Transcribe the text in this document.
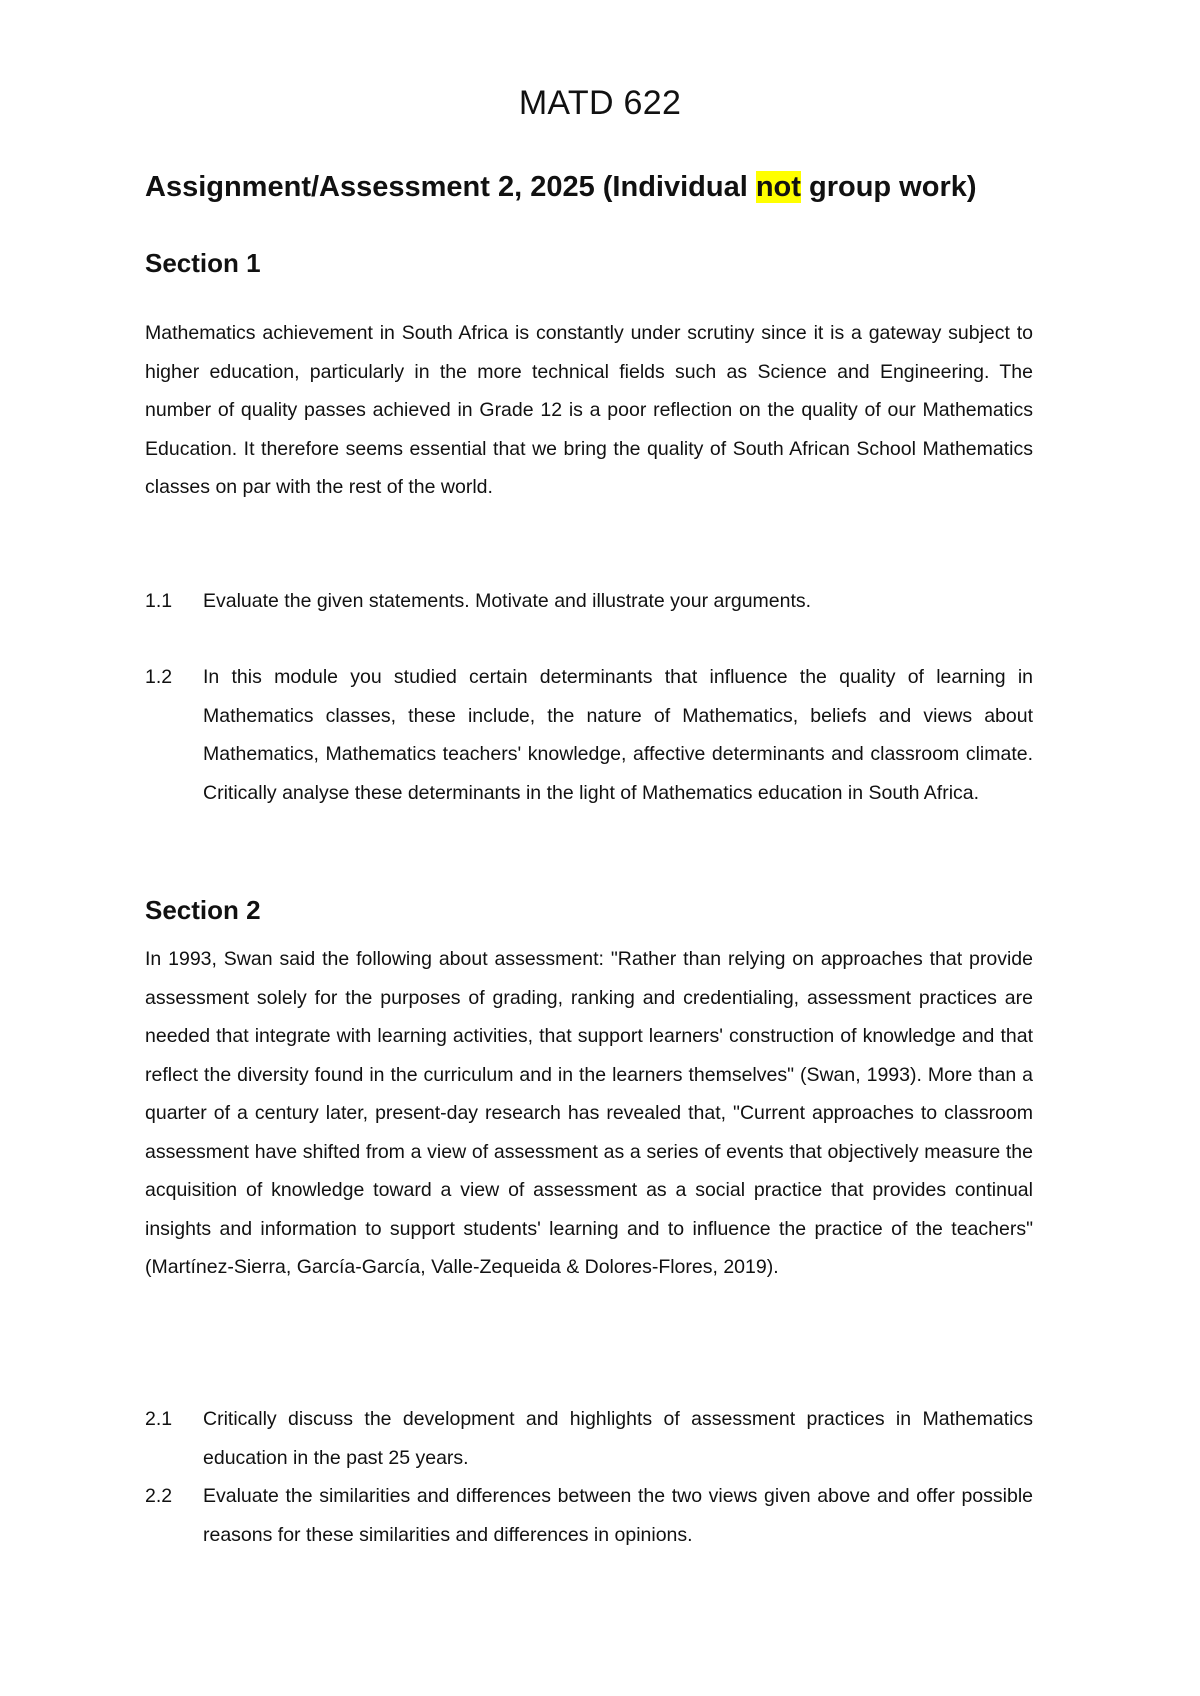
MATD 622
Assignment/Assessment 2, 2025 (Individual not group work)
Section 1

Mathematics achievement in South Africa is constantly under scrutiny since it is a gateway subject to higher education, particularly in the more technical fields such as Science and Engineering. The number of quality passes achieved in Grade 12 is a poor reflection on the quality of our Mathematics Education. It therefore seems essential that we bring the quality of South African School Mathematics classes on par with the rest of the world.

1.1	Evaluate the given statements. Motivate and illustrate your arguments.
1.2	In this module you studied certain determinants that influence the quality of learning in Mathematics classes, these include, the nature of Mathematics, beliefs and views about Mathematics, Mathematics teachers' knowledge, affective determinants and classroom climate. Critically analyse these determinants in the light of Mathematics education in South Africa.
Section 2

In 1993, Swan said the following about assessment: "Rather than relying on approaches that provide assessment solely for the purposes of grading, ranking and credentialing, assessment practices are needed that integrate with learning activities, that support learners' construction of knowledge and that reflect the diversity found in the curriculum and in the learners themselves" (Swan, 1993). More than a quarter of a century later, present-day research has revealed that, "Current approaches to classroom assessment have shifted from a view of assessment as a series of events that objectively measure the acquisition of knowledge toward a view of assessment as a social practice that provides continual insights and information to support students' learning and to influence the practice of the teachers" (Martínez-Sierra, García-García, Valle-Zequeida & Dolores-Flores, 2019).

2.1	Critically discuss the development and highlights of assessment practices in Mathematics education in the past 25 years.
2.2	Evaluate the similarities and differences between the two views given above and offer possible reasons for these similarities and differences in opinions.
